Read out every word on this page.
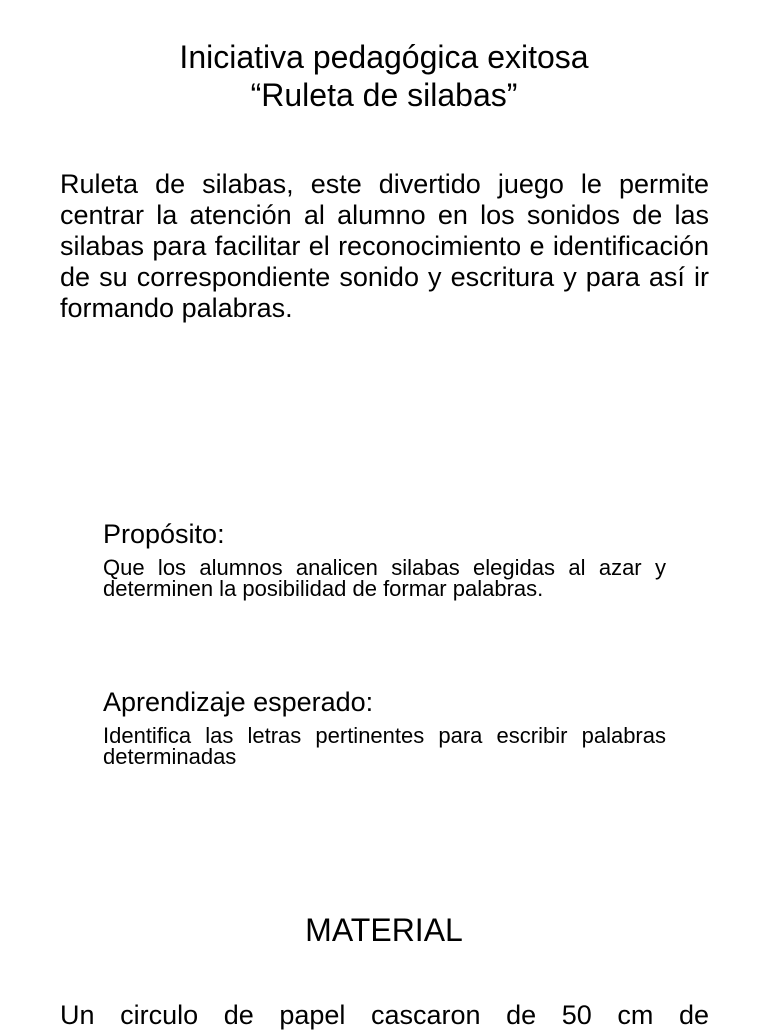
Iniciativa pedagógica exitosa
“Ruleta de silabas”

Ruleta de silabas, este divertido juego le permite centrar la atención al alumno en los sonidos de las silabas para facilitar el reconocimiento e identificación de su correspondiente sonido y escritura y para así ir formando palabras.

Propósito:

Que los alumnos analicen silabas elegidas al azar y determinen la posibilidad de formar palabras.

Aprendizaje esperado:

Identifica las letras pertinentes para escribir palabras determinadas

MATERIAL

Un circulo de papel cascaron de 50 cm de
